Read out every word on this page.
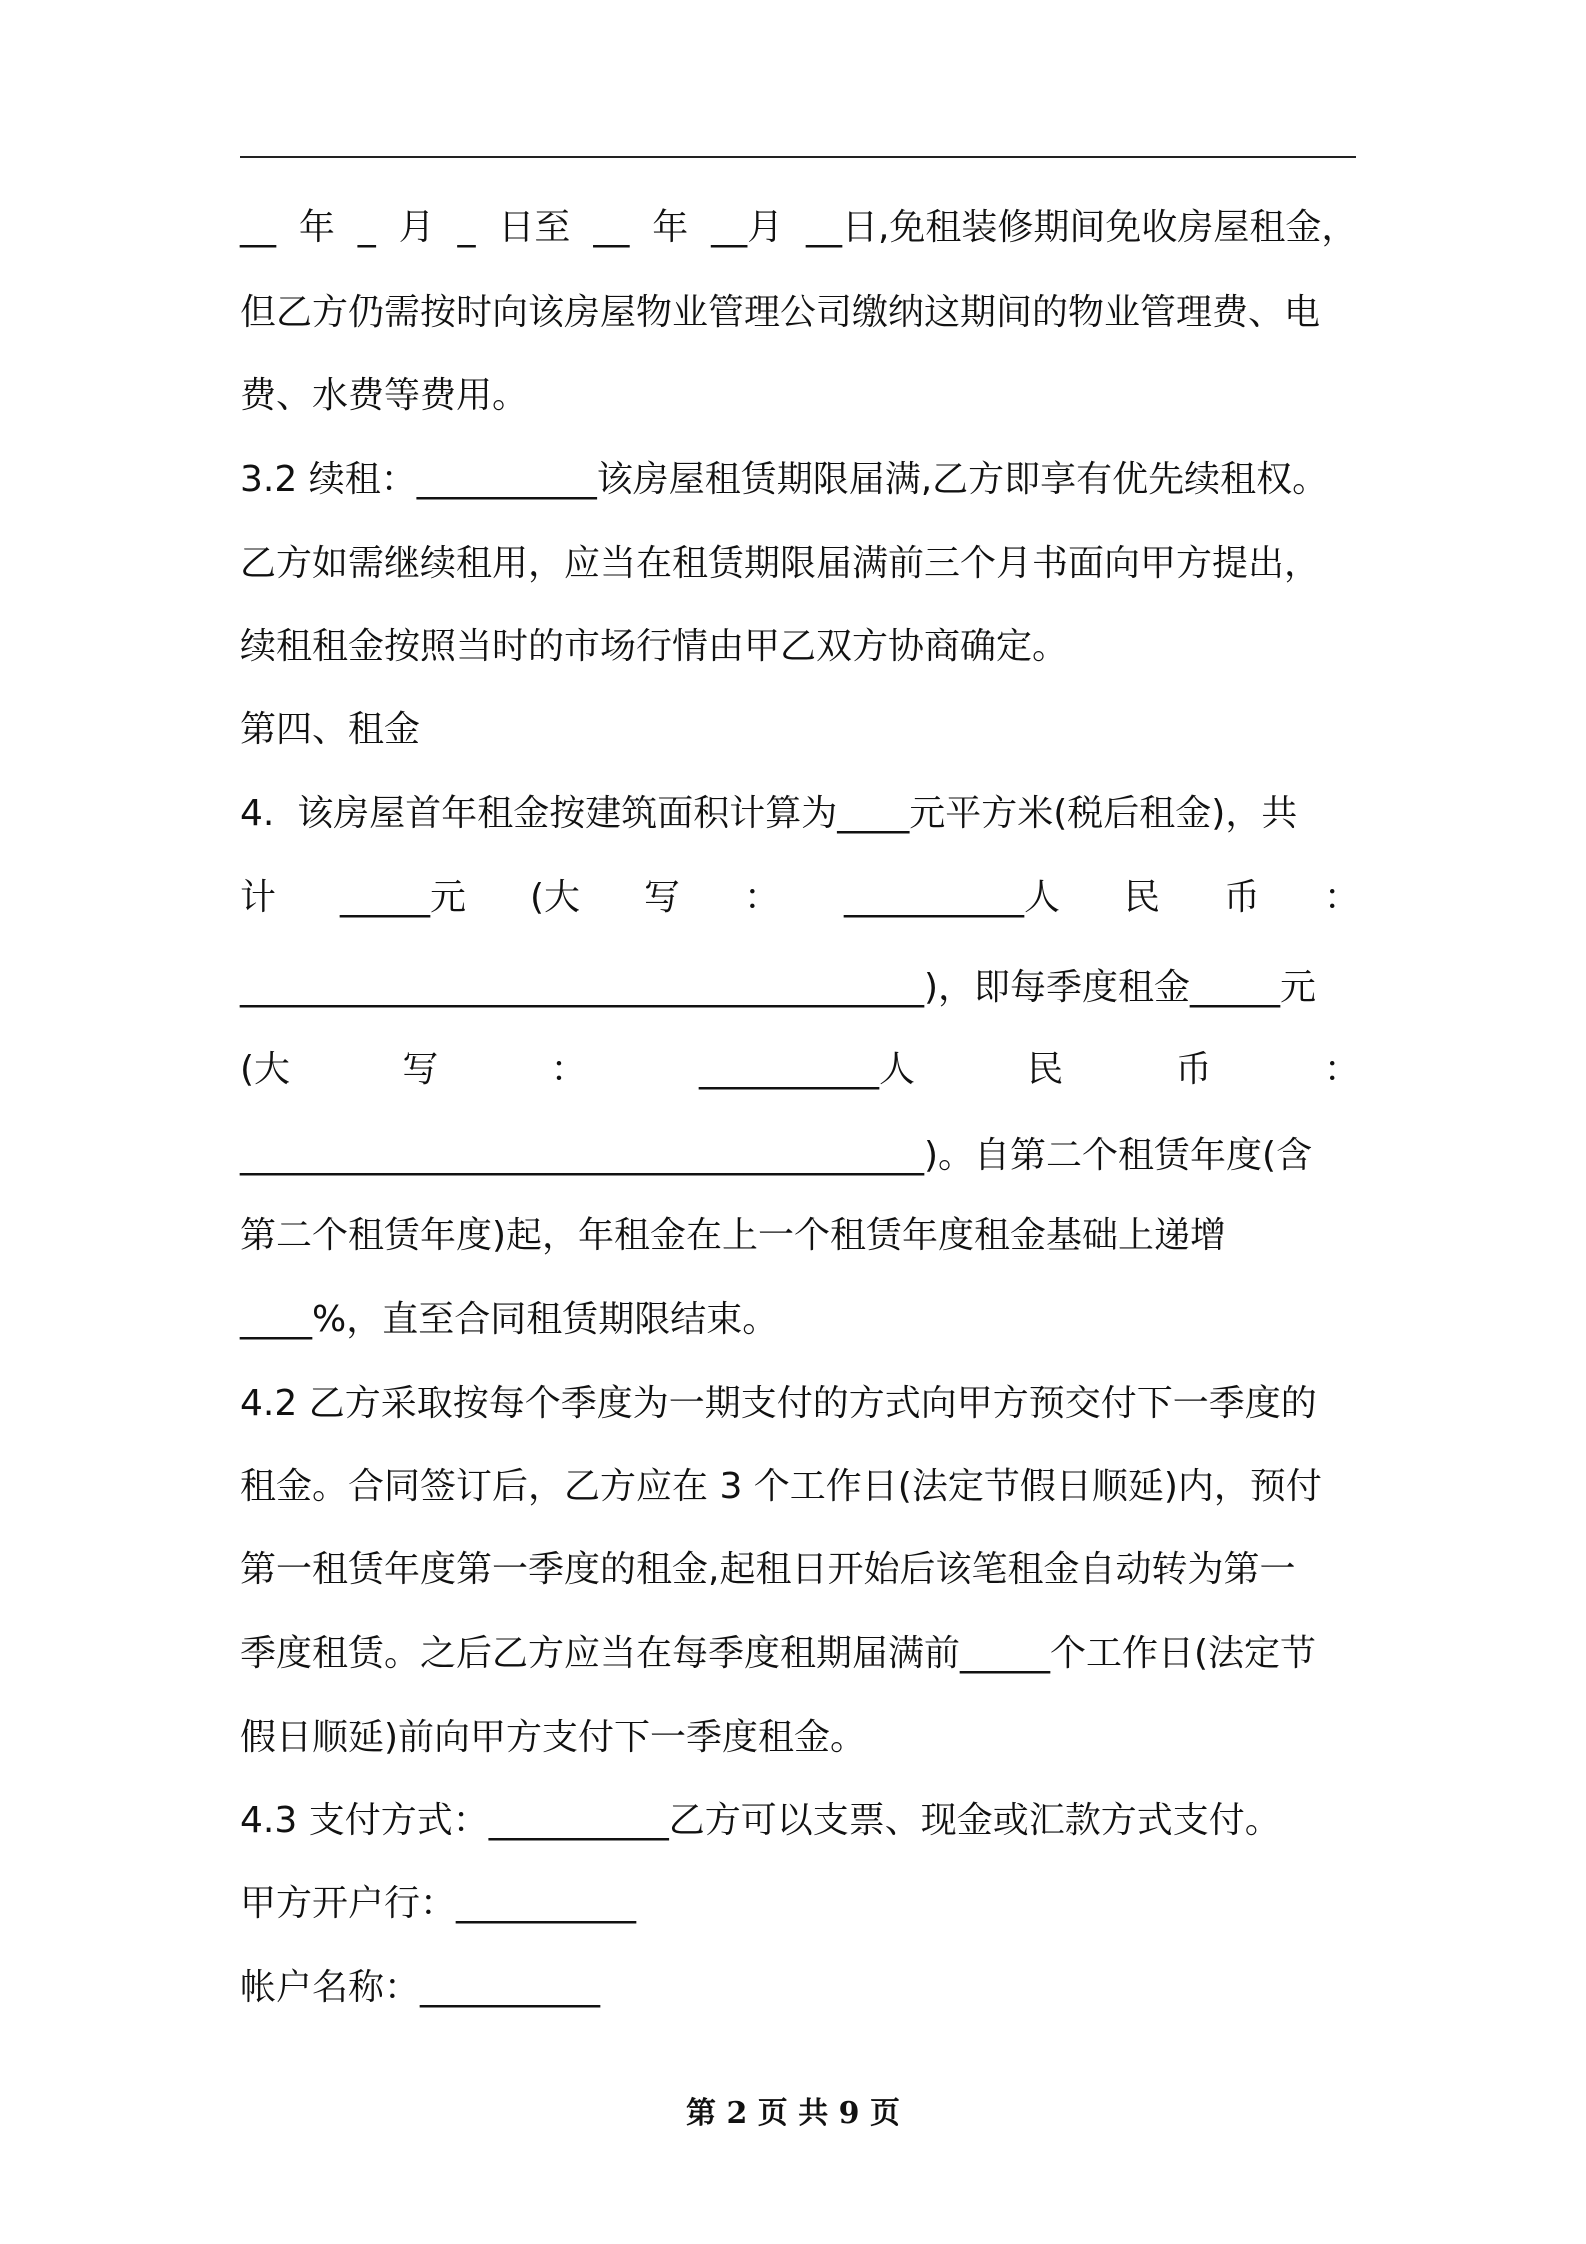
__  年  _  月  _  日至  __  年  __月  __日,免租装修期间免收房屋租金，
但乙方仍需按时向该房屋物业管理公司缴纳这期间的物业管理费、电
费、水费等费用。
3.2 续租：__________该房屋租赁期限届满,乙方即享有优先续租权。
乙方如需继续租用，应当在租赁期限届满前三个月书面向甲方提出，
续租租金按照当时的市场行情由甲乙双方协商确定。
第四、租金
4.  该房屋首年租金按建筑面积计算为____元平方米(税后租金)，共
计 _____元 (大 写 ： __________人 民 币 ：
______________________________________)，即每季度租金_____元
(大	写	：	__________人	民	币	：
______________________________________)。自第二个租赁年度(含
第二个租赁年度)起，年租金在上一个租赁年度租金基础上递增
____%，直至合同租赁期限结束。
4.2 乙方采取按每个季度为一期支付的方式向甲方预交付下一季度的
租金。合同签订后，乙方应在 3 个工作日(法定节假日顺延)内，预付
第一租赁年度第一季度的租金,起租日开始后该笔租金自动转为第一
季度租赁。之后乙方应当在每季度租期届满前_____个工作日(法定节
假日顺延)前向甲方支付下一季度租金。
4.3 支付方式：__________乙方可以支票、现金或汇款方式支付。
甲方开户行：__________
帐户名称：__________
第 2 页 共 9 页
